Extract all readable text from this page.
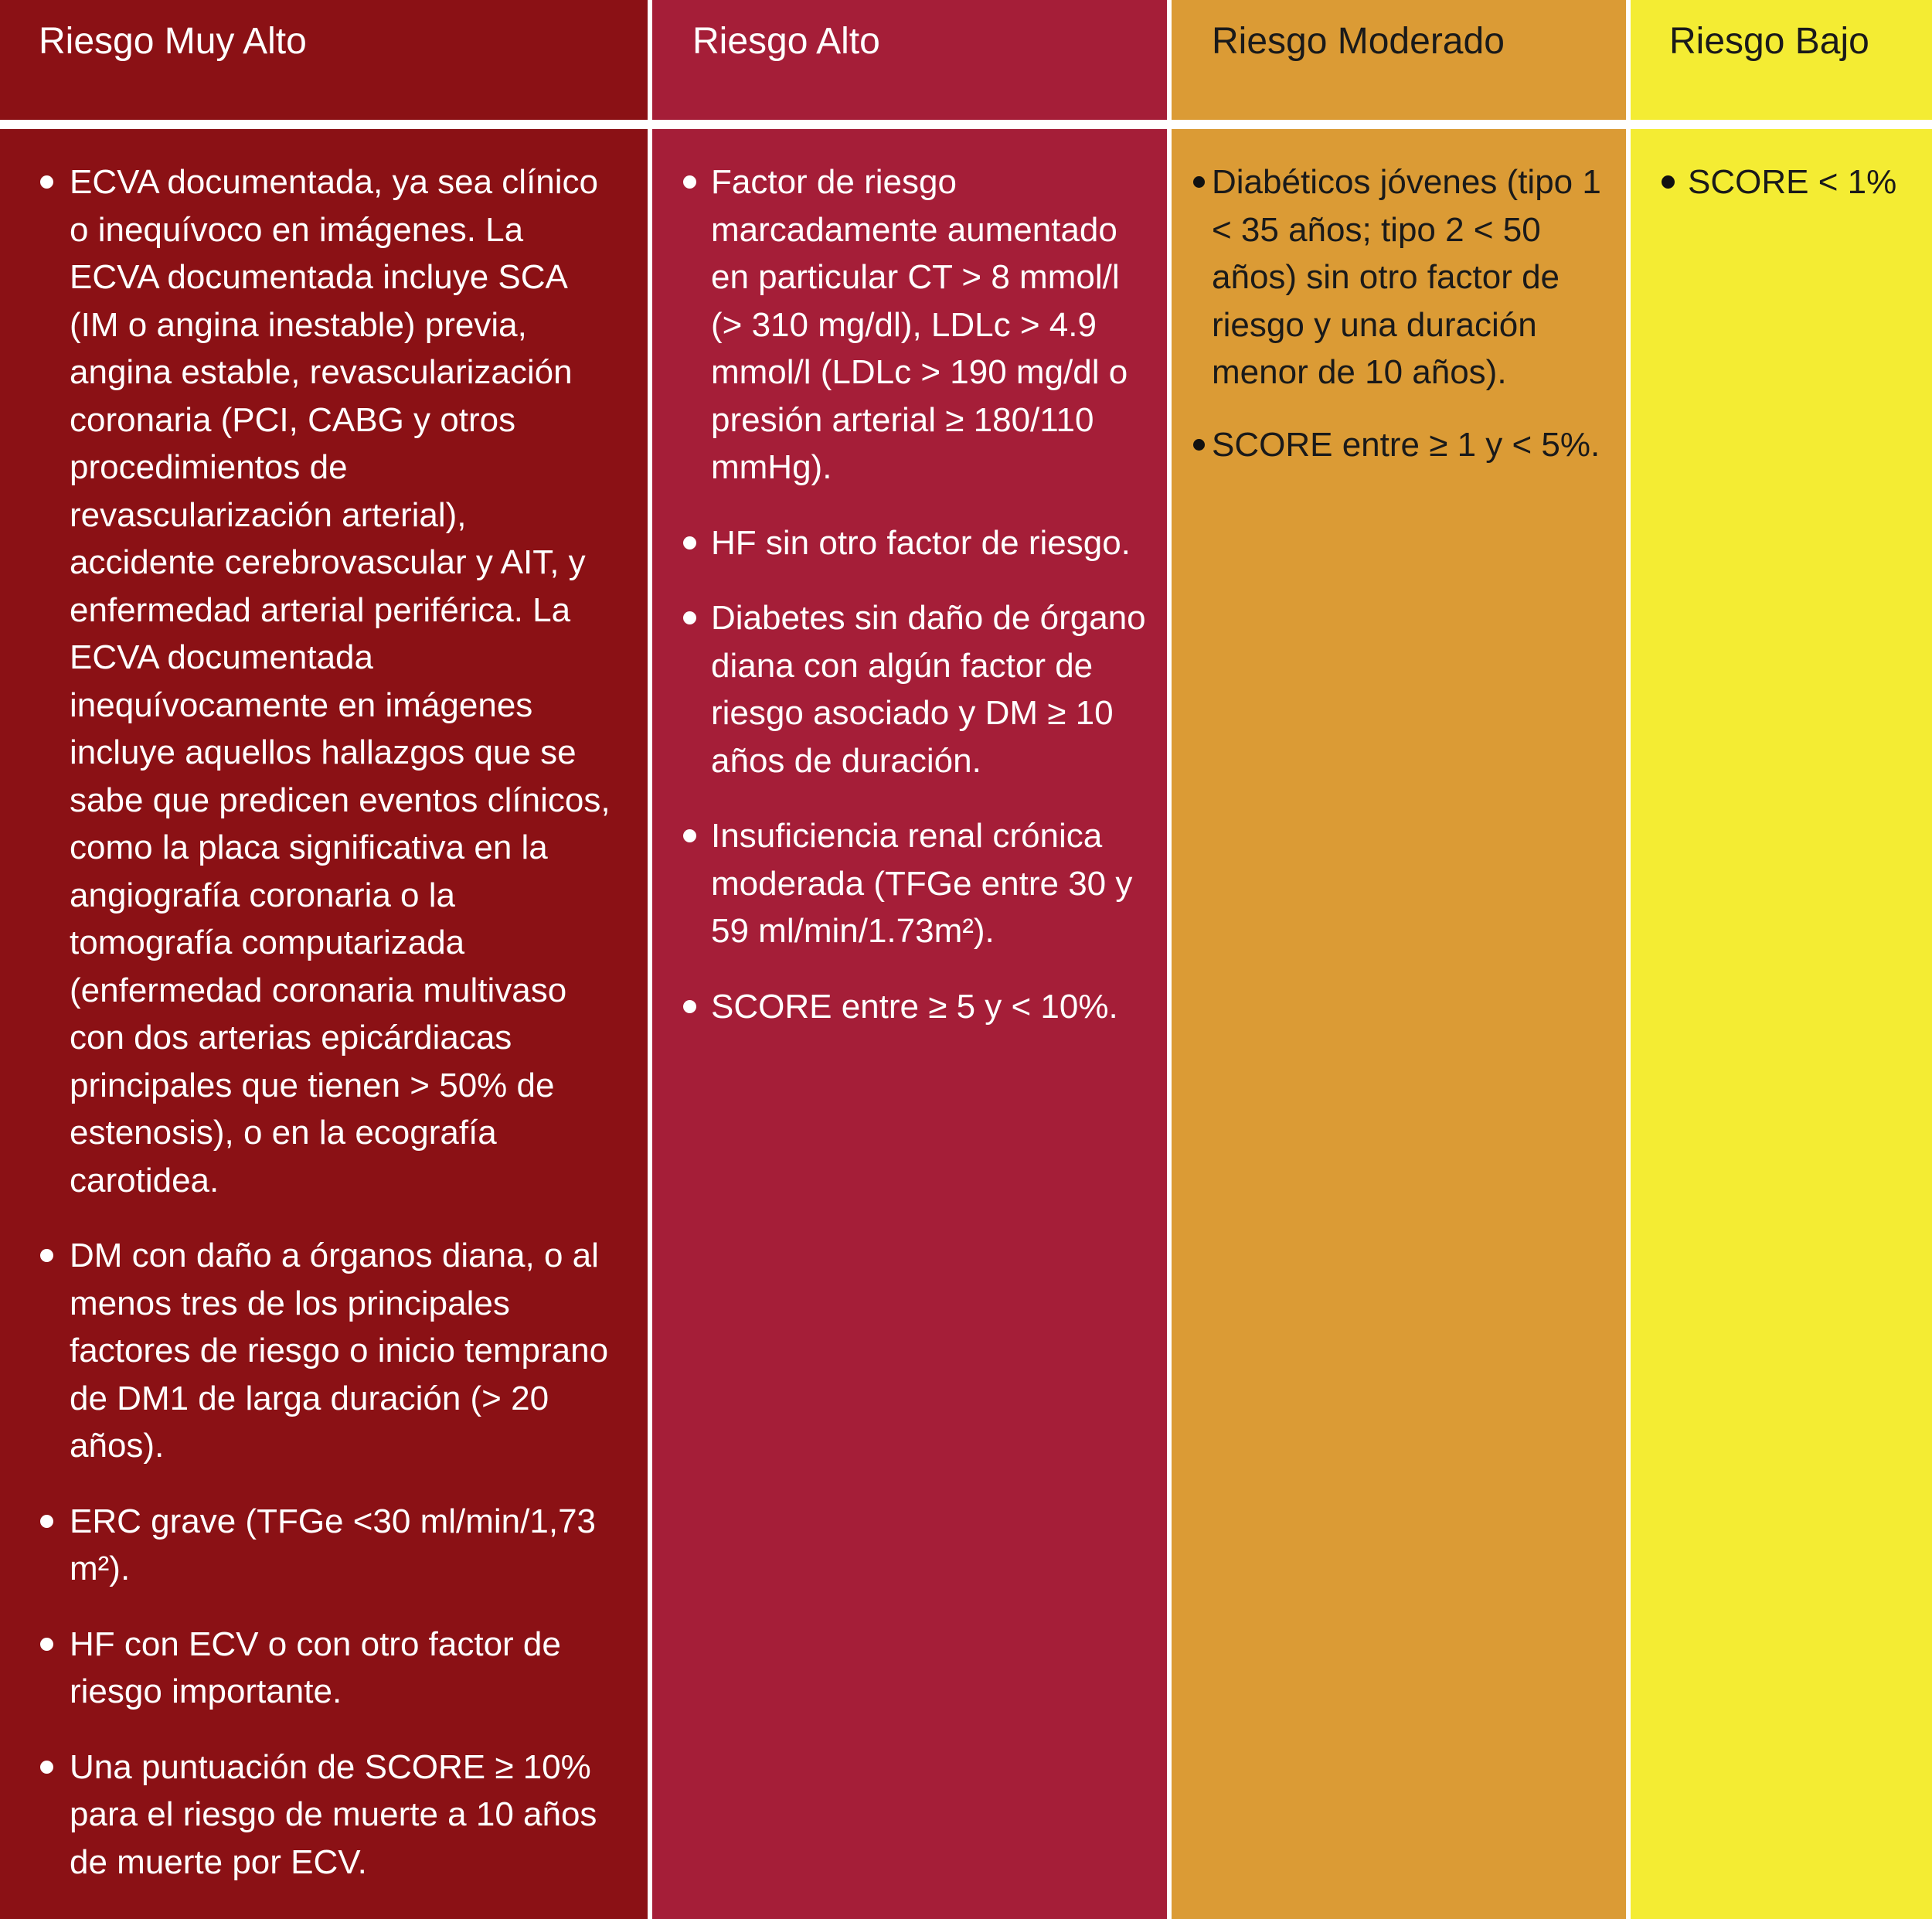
Riesgo Muy Alto
ECVA documentada, ya sea clínico o inequívoco en imágenes. La ECVA documentada incluye SCA (IM o angina inestable) previa, angina estable, revascularización coronaria (PCI, CABG y otros procedimientos de revascularización arterial), accidente cerebrovascular y AIT, y enfermedad arterial periférica. La ECVA documentada inequívocamente en imágenes incluye aquellos hallazgos que se sabe que predicen eventos clínicos, como la placa significativa en la angiografía coronaria o la tomografía computarizada (enfermedad coronaria multivaso con dos arterias epicárdiacas principales que tienen > 50% de estenosis), o en la ecografía carotidea.
DM con daño a órganos diana, o al menos tres de los principales factores de riesgo o inicio temprano de DM1 de larga duración (> 20 años).
ERC grave (TFGe <30 ml/min/1,73 m²).
HF con ECV o con otro factor de riesgo importante.
Una puntuación de SCORE ≥ 10% para el riesgo de muerte a 10 años de muerte por ECV.
Riesgo Alto
Factor de riesgo marcadamente aumentado en particular CT > 8 mmol/l (> 310 mg/dl), LDLc > 4.9 mmol/l (LDLc > 190 mg/dl o presión arterial ≥ 180/110 mmHg).
HF sin otro factor de riesgo.
Diabetes sin daño de órgano diana con algún factor de riesgo asociado y DM ≥ 10 años de duración.
Insuficiencia renal crónica moderada (TFGe entre 30 y 59 ml/min/1.73m²).
SCORE entre ≥ 5 y < 10%.
Riesgo Moderado
Diabéticos jóvenes (tipo 1 < 35 años; tipo 2 < 50 años) sin otro factor de riesgo y una duración menor de 10 años).
SCORE entre ≥ 1 y < 5%.
Riesgo Bajo
SCORE < 1%
